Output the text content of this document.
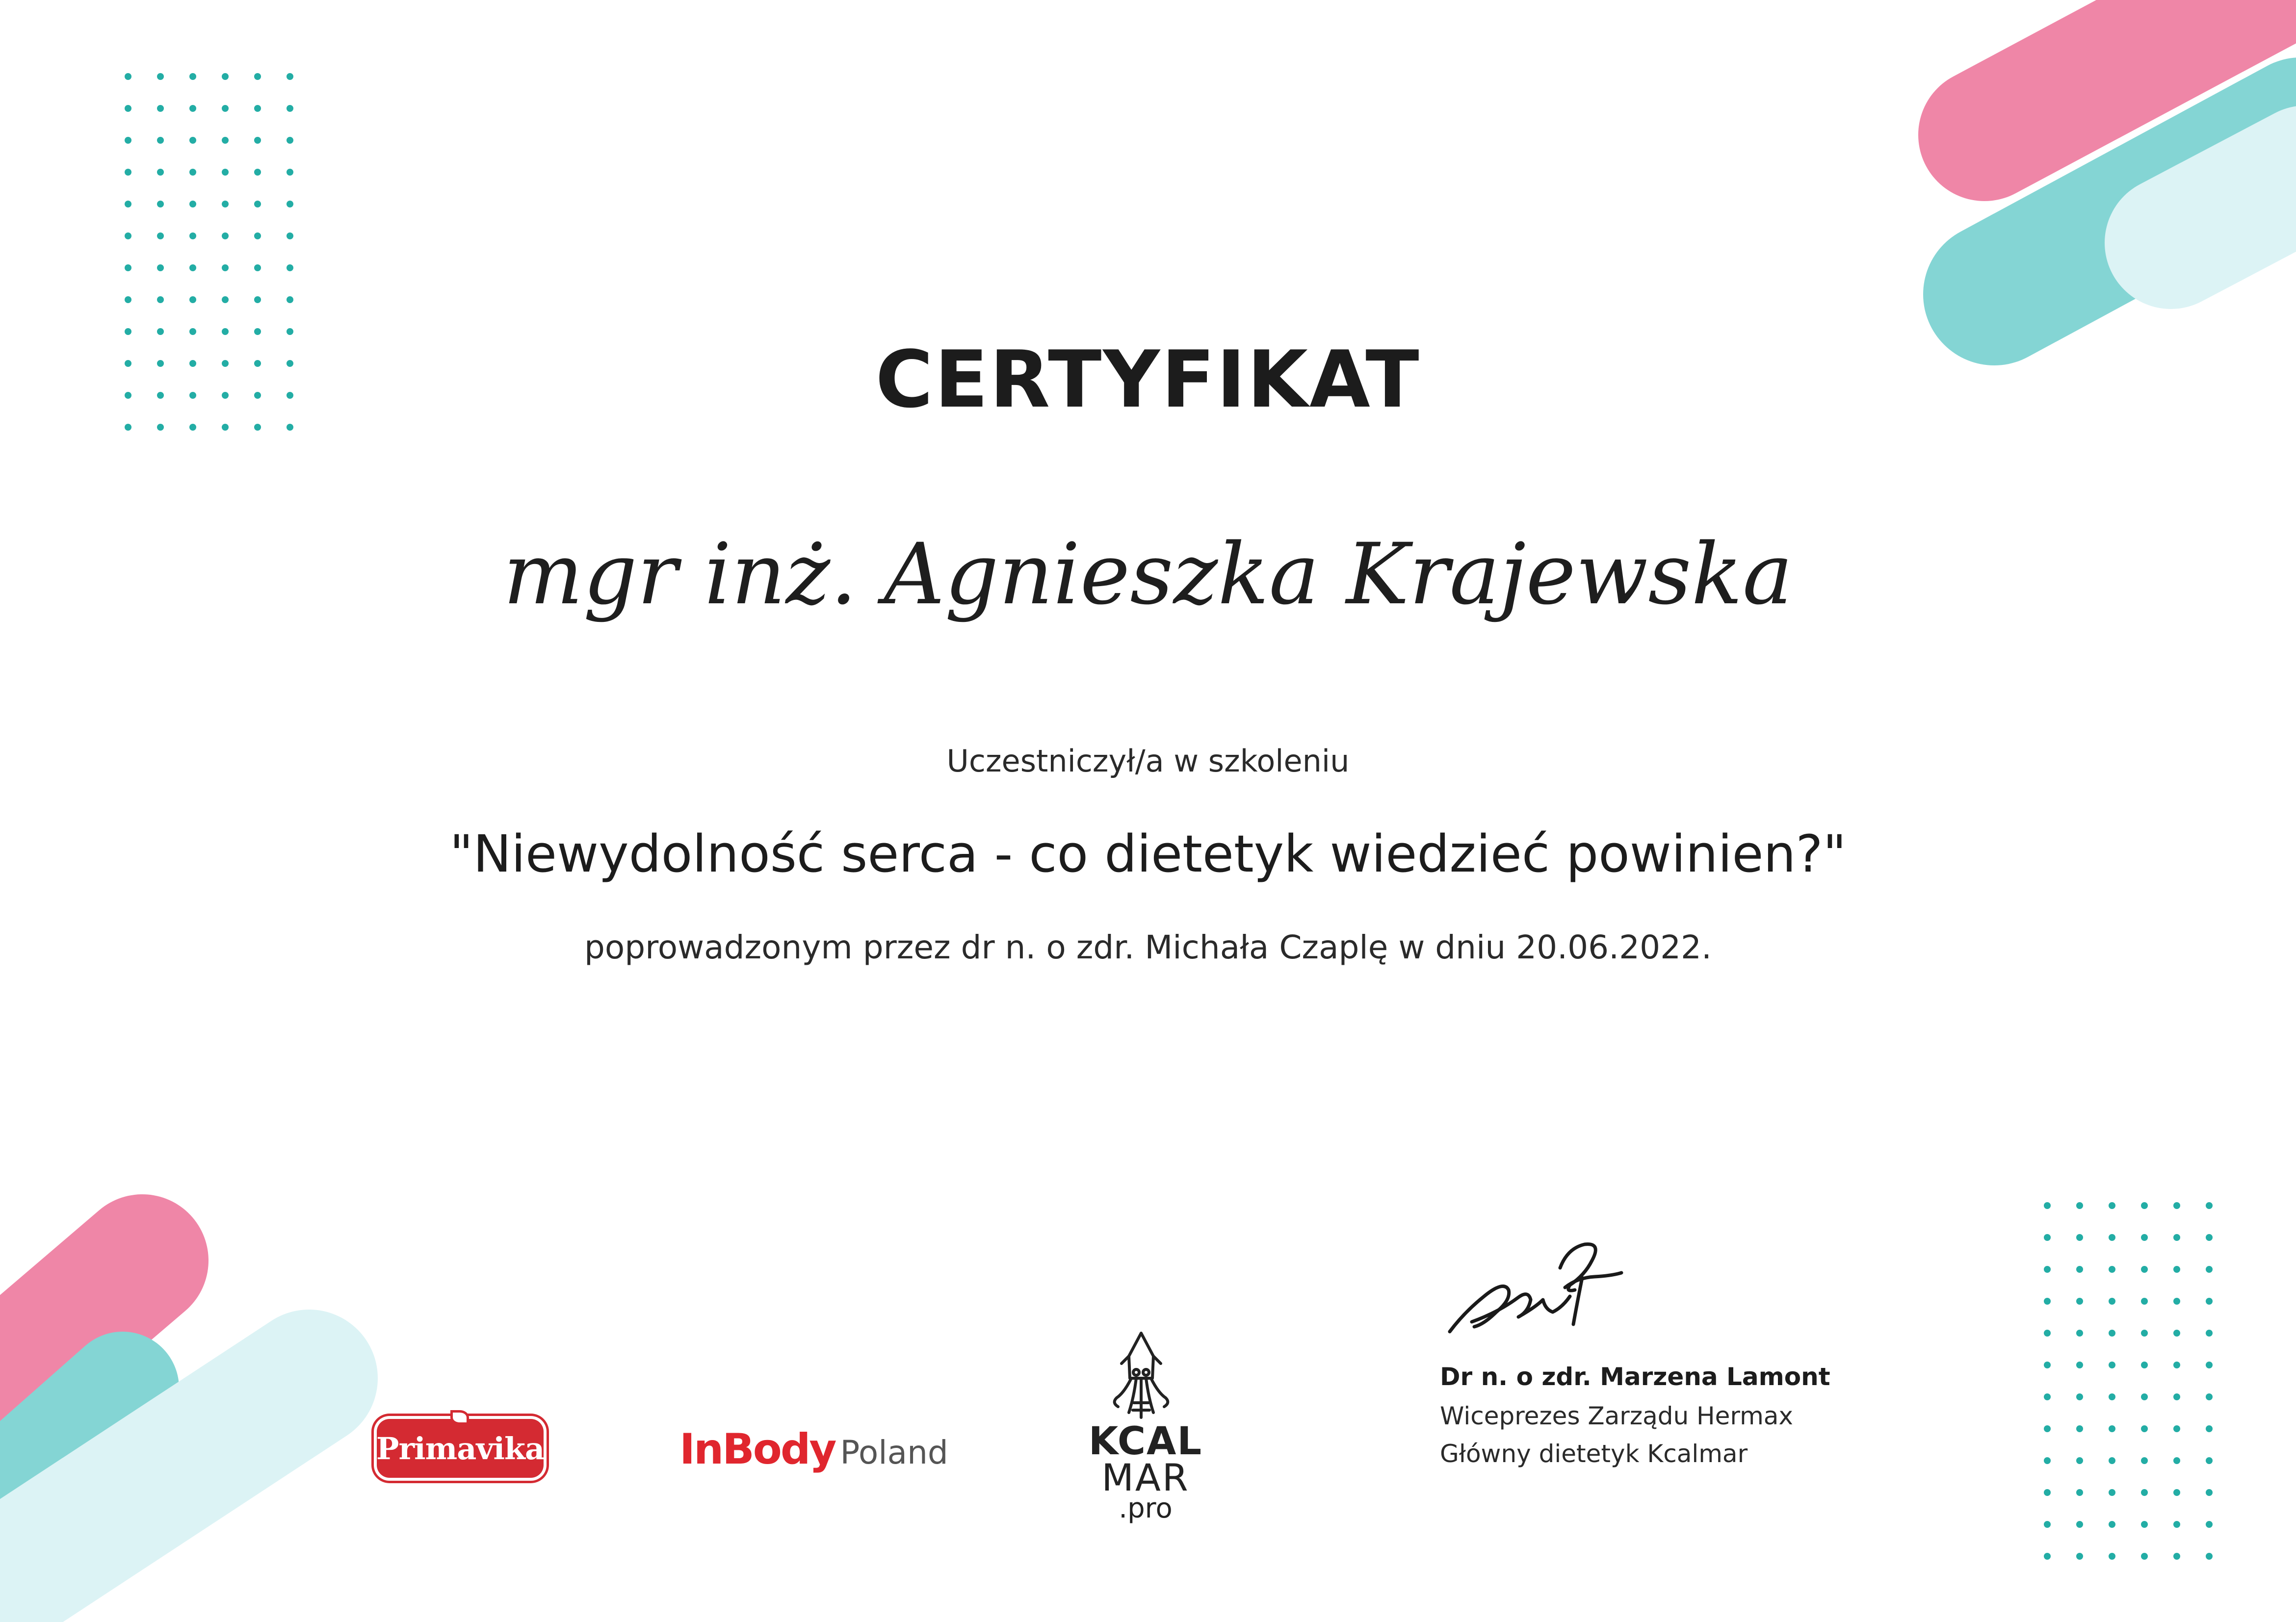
CERTYFIKAT
mgr inż. Agnieszka Krajewska
Uczestniczył/a w szkoleniu
"Niewydolność serca - co dietetyk wiedzieć powinien?"
poprowadzonym przez dr n. o zdr. Michała Czaplę w dniu 20.06.2022.
Primavika	InBody Poland	KCAL
MAR
.pro
Dr n. o zdr. Marzena Lamont
Wiceprezes Zarządu Hermax
Główny dietetyk Kcalmar
